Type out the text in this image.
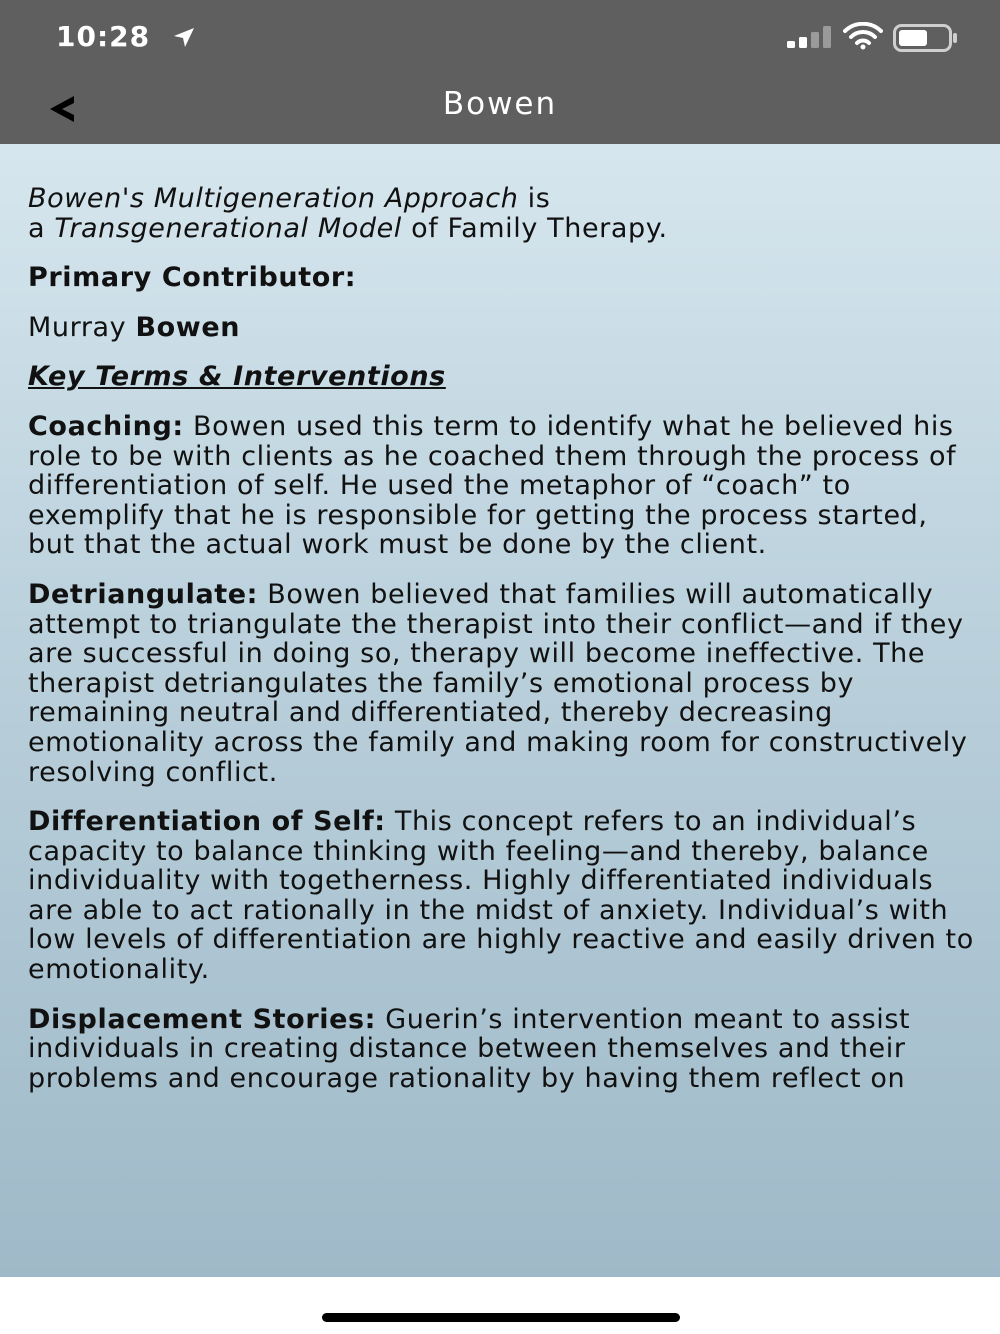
10:28
Bowen

Bowen's Multigeneration Approach is
a Transgenerational Model of Family Therapy.

Primary Contributor:

Murray Bowen

Key Terms & Interventions

Coaching: Bowen used this term to identify what he believed his role to be with clients as he coached them through the process of differentiation of self. He used the metaphor of “coach” to exemplify that he is responsible for getting the process started, but that the actual work must be done by the client.

Detriangulate: Bowen believed that families will automatically attempt to triangulate the therapist into their conflict—and if they are successful in doing so, therapy will become ineffective. The therapist detriangulates the family’s emotional process by remaining neutral and differentiated, thereby decreasing emotionality across the family and making room for constructively resolving conflict.

Differentiation of Self: This concept refers to an individual’s capacity to balance thinking with feeling—and thereby, balance individuality with togetherness. Highly differentiated individuals are able to act rationally in the midst of anxiety. Individual’s with low levels of differentiation are highly reactive and easily driven to emotionality.

Displacement Stories: Guerin’s intervention meant to assist individuals in creating distance between themselves and their problems and encourage rationality by having them reflect on
